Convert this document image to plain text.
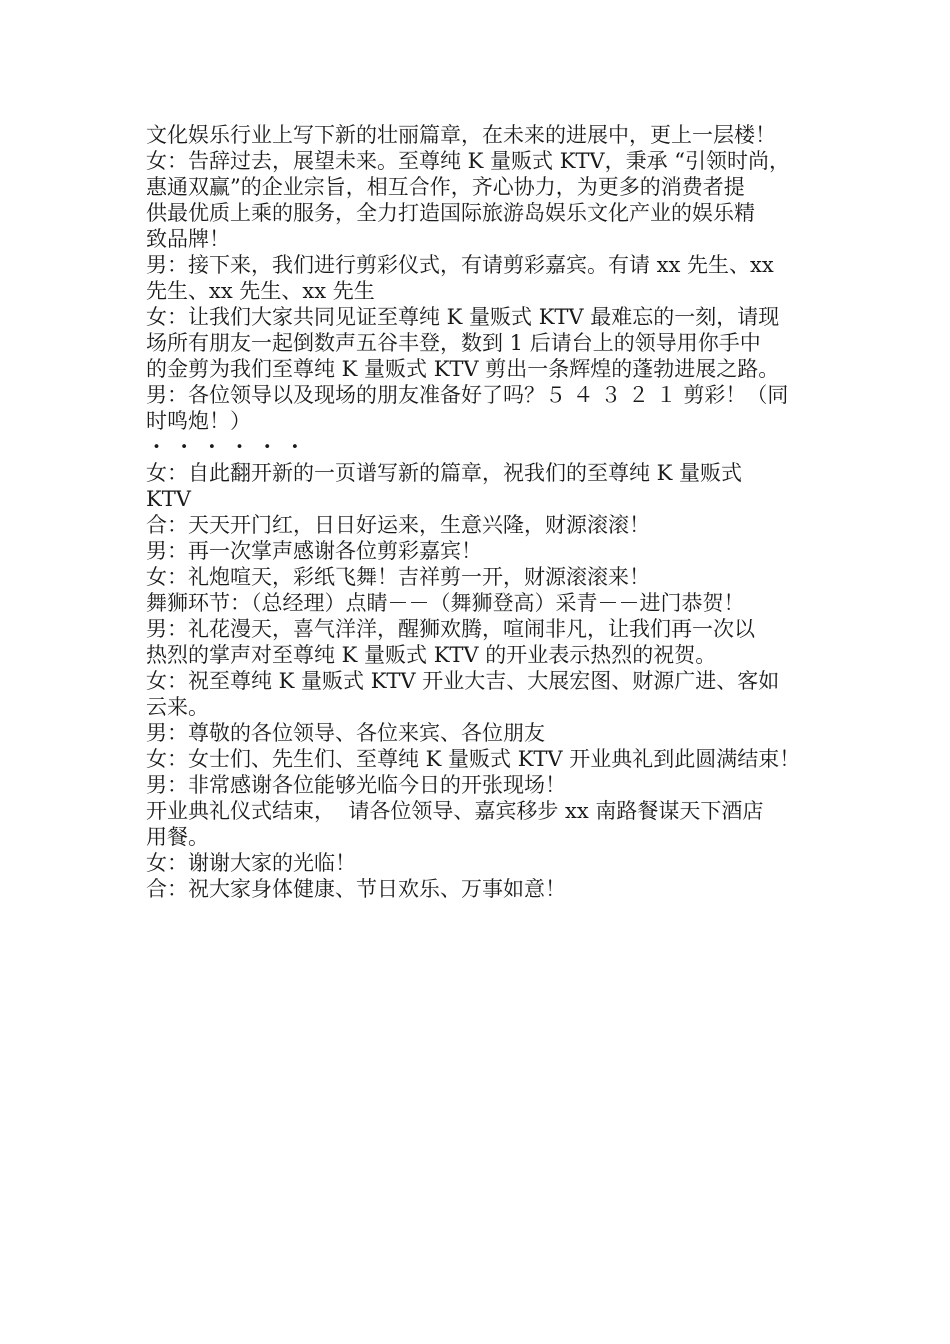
文化娱乐行业上写下新的壮丽篇章，在未来的进展中，更上一层楼！

女：告辞过去，展望未来。至尊纯 K 量贩式 KTV，秉承 “引领时尚，

惠通双赢”的企业宗旨，相互合作，齐心协力，为更多的消费者提

供最优质上乘的服务，全力打造国际旅游岛娱乐文化产业的娱乐精

致品牌！

男：接下来，我们进行剪彩仪式，有请剪彩嘉宾。有请 xx 先生、xx

先生、xx 先生、xx 先生

女：让我们大家共同见证至尊纯 K 量贩式 KTV 最难忘的一刻，请现

场所有朋友一起倒数声五谷丰登，数到 1 后请台上的领导用你手中

的金剪为我们至尊纯 K 量贩式 KTV 剪出一条辉煌的蓬勃进展之路。

男：各位领导以及现场的朋友准备好了吗？５ ４ ３ ２ １ 剪彩！（同

时鸣炮！）

・ ・ ・ ・ ・ ・

女：自此翻开新的一页谱写新的篇章，祝我们的至尊纯 K 量贩式

KTV

合：天天开门红，日日好运来，生意兴隆，财源滚滚！

男：再一次掌声感谢各位剪彩嘉宾！

女：礼炮喧天，彩纸飞舞！吉祥剪一开，财源滚滚来！

舞狮环节：（总经理）点睛－－（舞狮登高）采青－－进门恭贺！

男：礼花漫天，喜气洋洋，醒狮欢腾，喧闹非凡，让我们再一次以

热烈的掌声对至尊纯 K 量贩式 KTV 的开业表示热烈的祝贺。

女：祝至尊纯 K 量贩式 KTV 开业大吉、大展宏图、财源广进、客如

云来。

男：尊敬的各位领导、各位来宾、各位朋友

女：女士们、先生们、至尊纯 K 量贩式 KTV 开业典礼到此圆满结束！

男：非常感谢各位能够光临今日的开张现场！

开业典礼仪式结束，  请各位领导、嘉宾移步 xx 南路餐谋天下酒店

用餐。

女：谢谢大家的光临！

合：祝大家身体健康、节日欢乐、万事如意！
